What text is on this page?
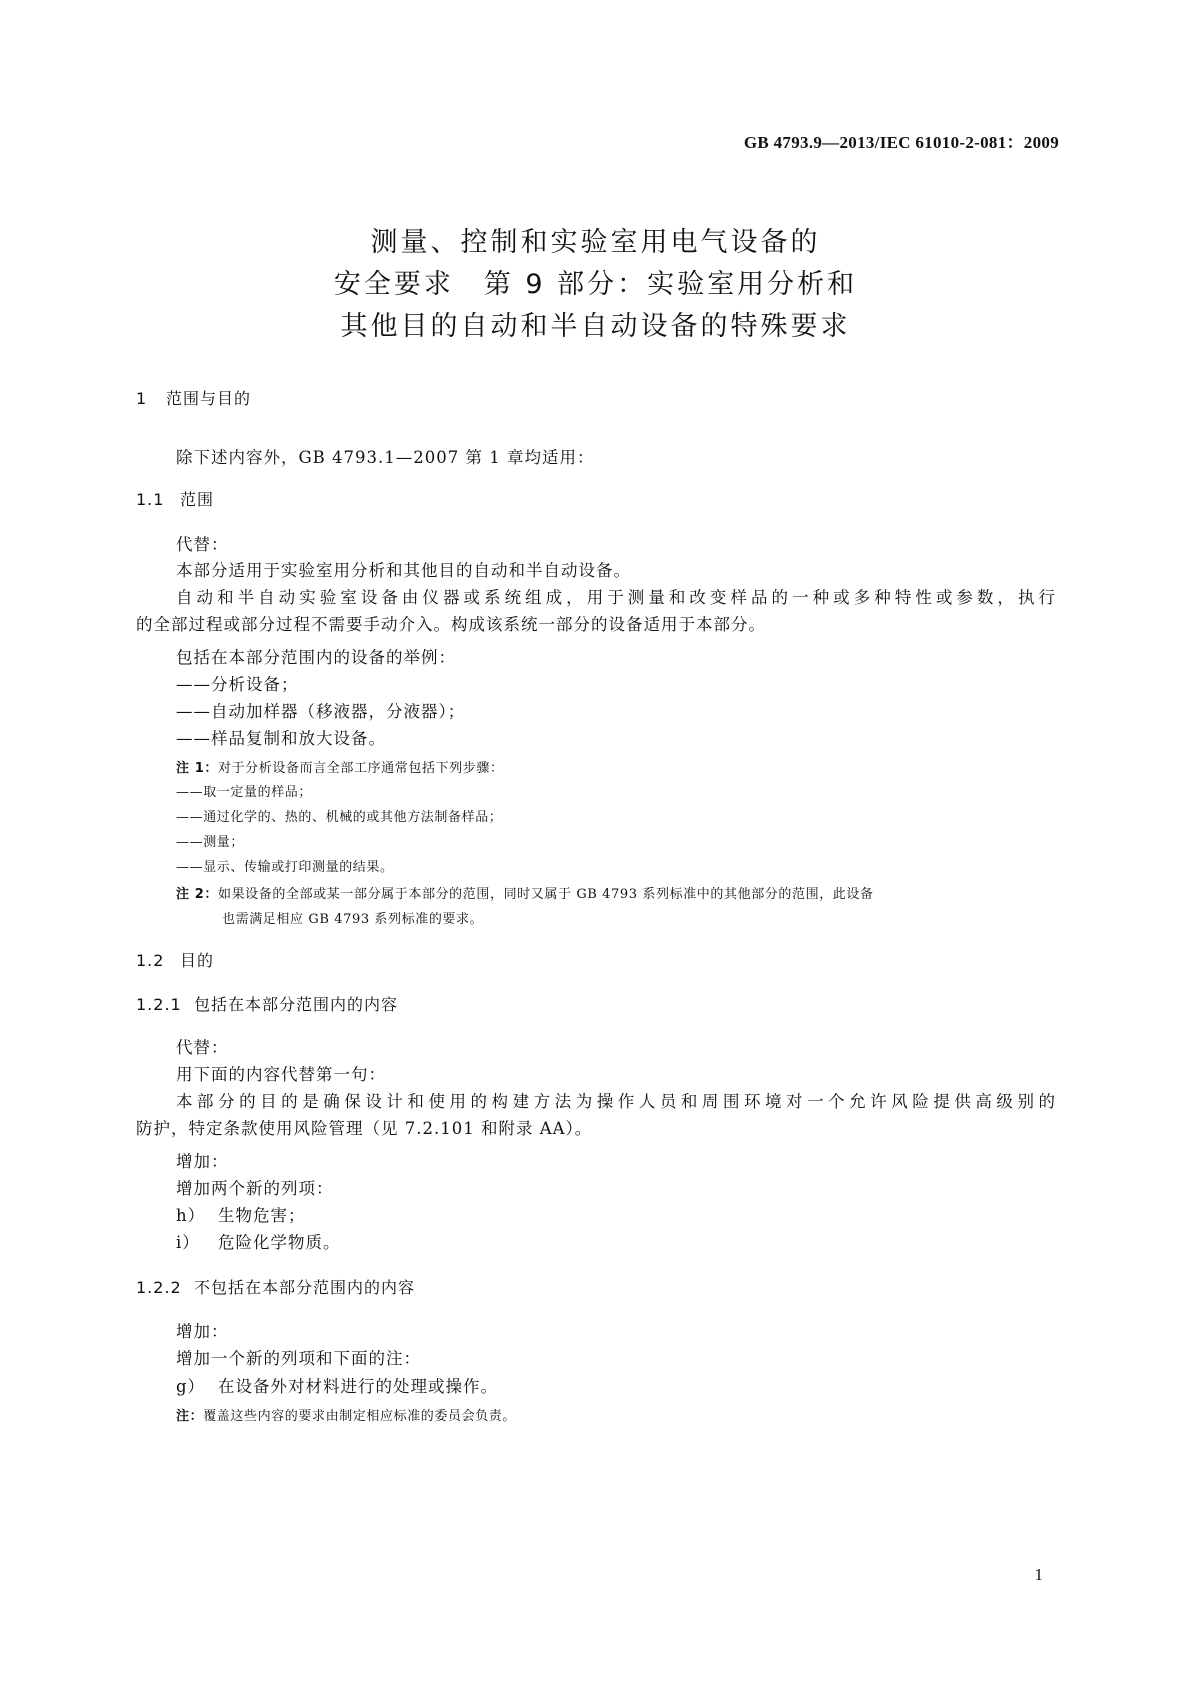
GB 4793.9—2013/IEC 61010-2-081：2009
测量、控制和实验室用电气设备的
安全要求　第 9 部分：实验室用分析和
其他目的自动和半自动设备的特殊要求
1 范围与目的
除下述内容外，GB 4793.1—2007 第 1 章均适用：
1.1 范围
代替：
本部分适用于实验室用分析和其他目的自动和半自动设备。
自动和半自动实验室设备由仪器或系统组成，用于测量和改变样品的一种或多种特性或参数，执行
的全部过程或部分过程不需要手动介入。构成该系统一部分的设备适用于本部分。
包括在本部分范围内的设备的举例：
——分析设备；
——自动加样器（移液器，分液器）；
——样品复制和放大设备。
注 1：对于分析设备而言全部工序通常包括下列步骤：
——取一定量的样品；
——通过化学的、热的、机械的或其他方法制备样品；
——测量；
——显示、传输或打印测量的结果。
注 2：如果设备的全部或某一部分属于本部分的范围，同时又属于 GB 4793 系列标准中的其他部分的范围，此设备
也需满足相应 GB 4793 系列标准的要求。
1.2 目的
1.2.1 包括在本部分范围内的内容
代替：
用下面的内容代替第一句：
本部分的目的是确保设计和使用的构建方法为操作人员和周围环境对一个允许风险提供高级别的
防护，特定条款使用风险管理（见 7.2.101 和附录 AA）。
增加：
增加两个新的列项：
h） 生物危害；
i） 危险化学物质。
1.2.2 不包括在本部分范围内的内容
增加：
增加一个新的列项和下面的注：
g） 在设备外对材料进行的处理或操作。
注：覆盖这些内容的要求由制定相应标准的委员会负责。
1
